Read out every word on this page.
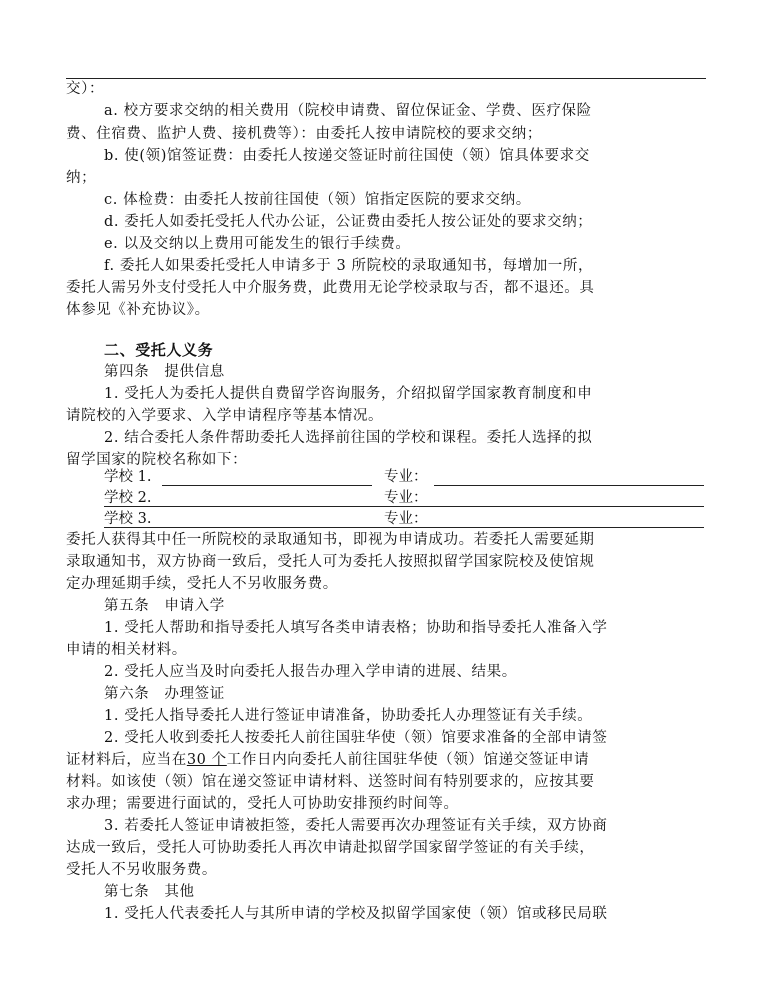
交）：
a. 校方要求交纳的相关费用（院校申请费、留位保证金、学费、医疗保险
费、住宿费、监护人费、接机费等）：由委托人按申请院校的要求交纳；
b. 使(领)馆签证费：由委托人按递交签证时前往国使（领）馆具体要求交
纳；
c. 体检费：由委托人按前往国使（领）馆指定医院的要求交纳。
d. 委托人如委托受托人代办公证，公证费由委托人按公证处的要求交纳；
e. 以及交纳以上费用可能发生的银行手续费。
f. 委托人如果委托受托人申请多于 3 所院校的录取通知书，每增加一所，
委托人需另外支付受托人中介服务费，此费用无论学校录取与否，都不退还。具
体参见《补充协议》。
二、受托人义务
第四条　提供信息
1. 受托人为委托人提供自费留学咨询服务，介绍拟留学国家教育制度和申
请院校的入学要求、入学申请程序等基本情况。
2. 结合委托人条件帮助委托人选择前往国的学校和课程。委托人选择的拟
留学国家的院校名称如下：
学校 1.	专业：
学校 2.	专业：
学校 3.	专业：
委托人获得其中任一所院校的录取通知书，即视为申请成功。若委托人需要延期
录取通知书，双方协商一致后，受托人可为委托人按照拟留学国家院校及使馆规
定办理延期手续，受托人不另收服务费。
第五条　申请入学
1. 受托人帮助和指导委托人填写各类申请表格；协助和指导委托人准备入学
申请的相关材料。
2. 受托人应当及时向委托人报告办理入学申请的进展、结果。
第六条　办理签证
1. 受托人指导委托人进行签证申请准备，协助委托人办理签证有关手续。
2. 受托人收到委托人按委托人前往国驻华使（领）馆要求准备的全部申请签
证材料后，应当在30 个工作日内向委托人前往国驻华使（领）馆递交签证申请
材料。如该使（领）馆在递交签证申请材料、送签时间有特别要求的，应按其要
求办理；需要进行面试的，受托人可协助安排预约时间等。
3. 若委托人签证申请被拒签，委托人需要再次办理签证有关手续，双方协商
达成一致后，受托人可协助委托人再次申请赴拟留学国家留学签证的有关手续，
受托人不另收服务费。
第七条　其他
1. 受托人代表委托人与其所申请的学校及拟留学国家使（领）馆或移民局联
